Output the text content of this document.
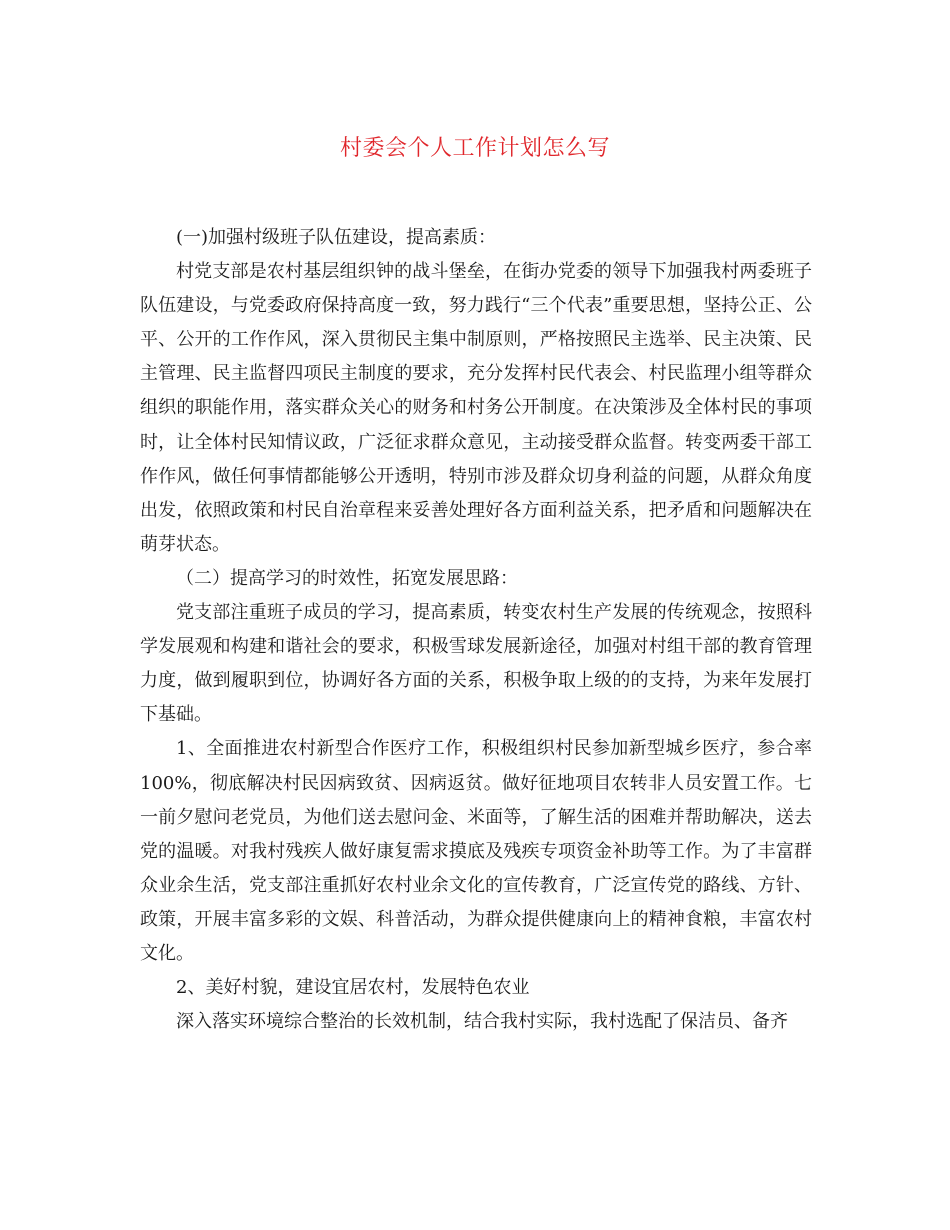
村委会个人工作计划怎么写

(一)加强村级班子队伍建设，提高素质：

村党支部是农村基层组织钟的战斗堡垒，在街办党委的领导下加强我村两委班子队伍建设，与党委政府保持高度一致，努力践行“三个代表”重要思想，坚持公正、公平、公开的工作作风，深入贯彻民主集中制原则，严格按照民主选举、民主决策、民主管理、民主监督四项民主制度的要求，充分发挥村民代表会、村民监理小组等群众组织的职能作用，落实群众关心的财务和村务公开制度。在决策涉及全体村民的事项时，让全体村民知情议政，广泛征求群众意见，主动接受群众监督。转变两委干部工作作风，做任何事情都能够公开透明，特别市涉及群众切身利益的问题，从群众角度出发，依照政策和村民自治章程来妥善处理好各方面利益关系，把矛盾和问题解决在萌芽状态。

（二）提高学习的时效性，拓宽发展思路：

党支部注重班子成员的学习，提高素质，转变农村生产发展的传统观念，按照科学发展观和构建和谐社会的要求，积极雪球发展新途径，加强对村组干部的教育管理力度，做到履职到位，协调好各方面的关系，积极争取上级的的支持，为来年发展打下基础。

1、全面推进农村新型合作医疗工作，积极组织村民参加新型城乡医疗，参合率100%，彻底解决村民因病致贫、因病返贫。做好征地项目农转非人员安置工作。七一前夕慰问老党员，为他们送去慰问金、米面等，了解生活的困难并帮助解决，送去党的温暖。对我村残疾人做好康复需求摸底及残疾专项资金补助等工作。为了丰富群众业余生活，党支部注重抓好农村业余文化的宣传教育，广泛宣传党的路线、方针、政策，开展丰富多彩的文娱、科普活动，为群众提供健康向上的精神食粮，丰富农村文化。

2、美好村貌，建设宜居农村，发展特色农业

深入落实环境综合整治的长效机制，结合我村实际，我村选配了保洁员、备齐
